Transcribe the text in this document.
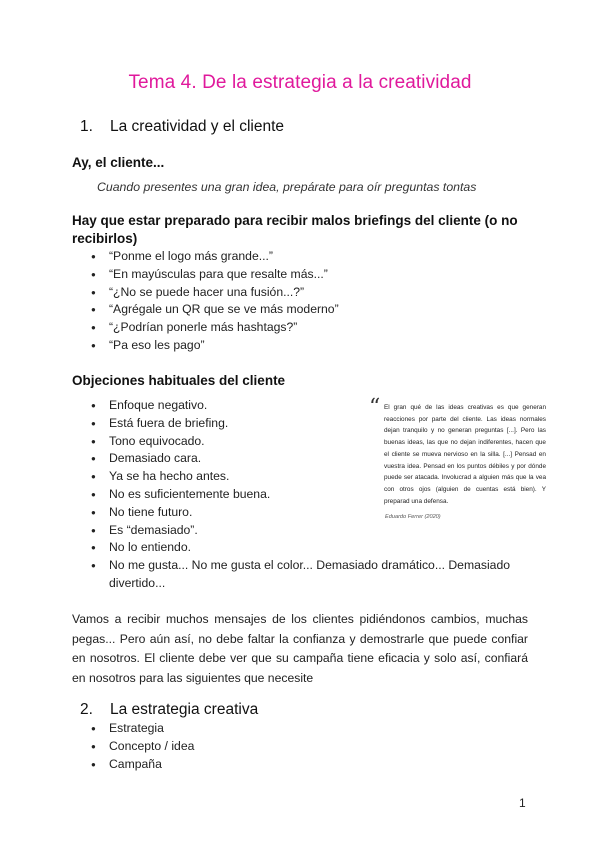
Tema 4. De la estrategia a la creatividad
1. La creatividad y el cliente
Ay, el cliente...
Cuando presentes una gran idea, prepárate para oír preguntas tontas
Hay que estar preparado para recibir malos briefings del cliente (o no recibirlos)
● “Ponme el logo más grande...”
● “En mayúsculas para que resalte más...”
● “¿No se puede hacer una fusión...?”
● “Agrégale un QR que se ve más moderno”
● “¿Podrían ponerle más hashtags?”
● “Pa eso les pago”
Objeciones habituales del cliente
● Enfoque negativo.
● Está fuera de briefing.
● Tono equivocado.
● Demasiado cara.
● Ya se ha hecho antes.
● No es suficientemente buena.
● No tiene futuro.
● Es “demasiado”.
● No lo entiendo.
● No me gusta... No me gusta el color... Demasiado dramático... Demasiado divertido...
“ El gran qué de las ideas creativas es que generan reacciones por parte del cliente. Las ideas normales dejan tranquilo y no generan preguntas [...]. Pero las buenas ideas, las que no dejan indiferentes, hacen que el cliente se mueva nervioso en la silla. [...] Pensad en vuestra idea. Pensad en los puntos débiles y por dónde puede ser atacada. Involucrad a alguien más que la vea con otros ojos (alguien de cuentas está bien). Y preparad una defensa.
Eduardo Ferrer (2020)
Vamos a recibir muchos mensajes de los clientes pidiéndonos cambios, muchas pegas... Pero aún así, no debe faltar la confianza y demostrarle que puede confiar en nosotros. El cliente debe ver que su campaña tiene eficacia y solo así, confiará en nosotros para las siguientes que necesite
2. La estrategia creativa
● Estrategia
● Concepto / idea
● Campaña
1
